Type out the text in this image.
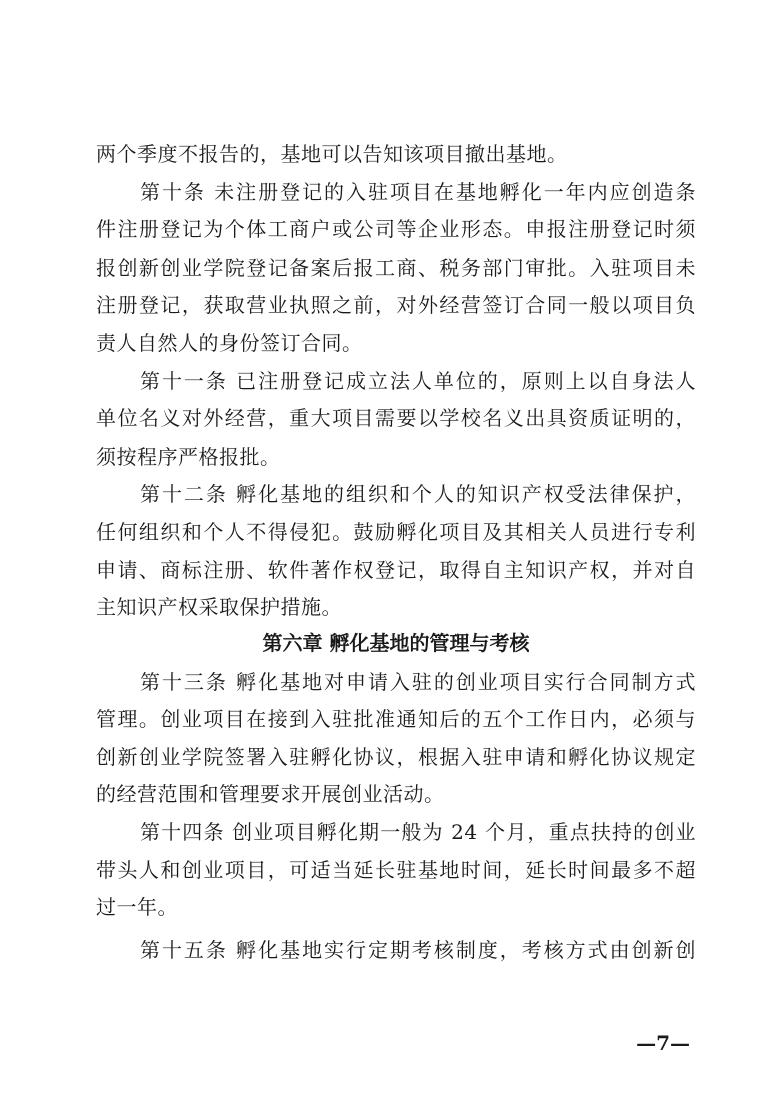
两个季度不报告的，基地可以告知该项目撤出基地。
第十条 未注册登记的入驻项目在基地孵化一年内应创造条
件注册登记为个体工商户或公司等企业形态。申报注册登记时须
报创新创业学院登记备案后报工商、税务部门审批。入驻项目未
注册登记，获取营业执照之前，对外经营签订合同一般以项目负
责人自然人的身份签订合同。
第十一条 已注册登记成立法人单位的，原则上以自身法人
单位名义对外经营，重大项目需要以学校名义出具资质证明的，
须按程序严格报批。
第十二条 孵化基地的组织和个人的知识产权受法律保护，
任何组织和个人不得侵犯。鼓励孵化项目及其相关人员进行专利
申请、商标注册、软件著作权登记，取得自主知识产权，并对自
主知识产权采取保护措施。
第六章 孵化基地的管理与考核
第十三条 孵化基地对申请入驻的创业项目实行合同制方式
管理。创业项目在接到入驻批准通知后的五个工作日内，必须与
创新创业学院签署入驻孵化协议，根据入驻申请和孵化协议规定
的经营范围和管理要求开展创业活动。
第十四条 创业项目孵化期一般为 24 个月，重点扶持的创业
带头人和创业项目，可适当延长驻基地时间，延长时间最多不超
过一年。
第十五条 孵化基地实行定期考核制度，考核方式由创新创
—7—
